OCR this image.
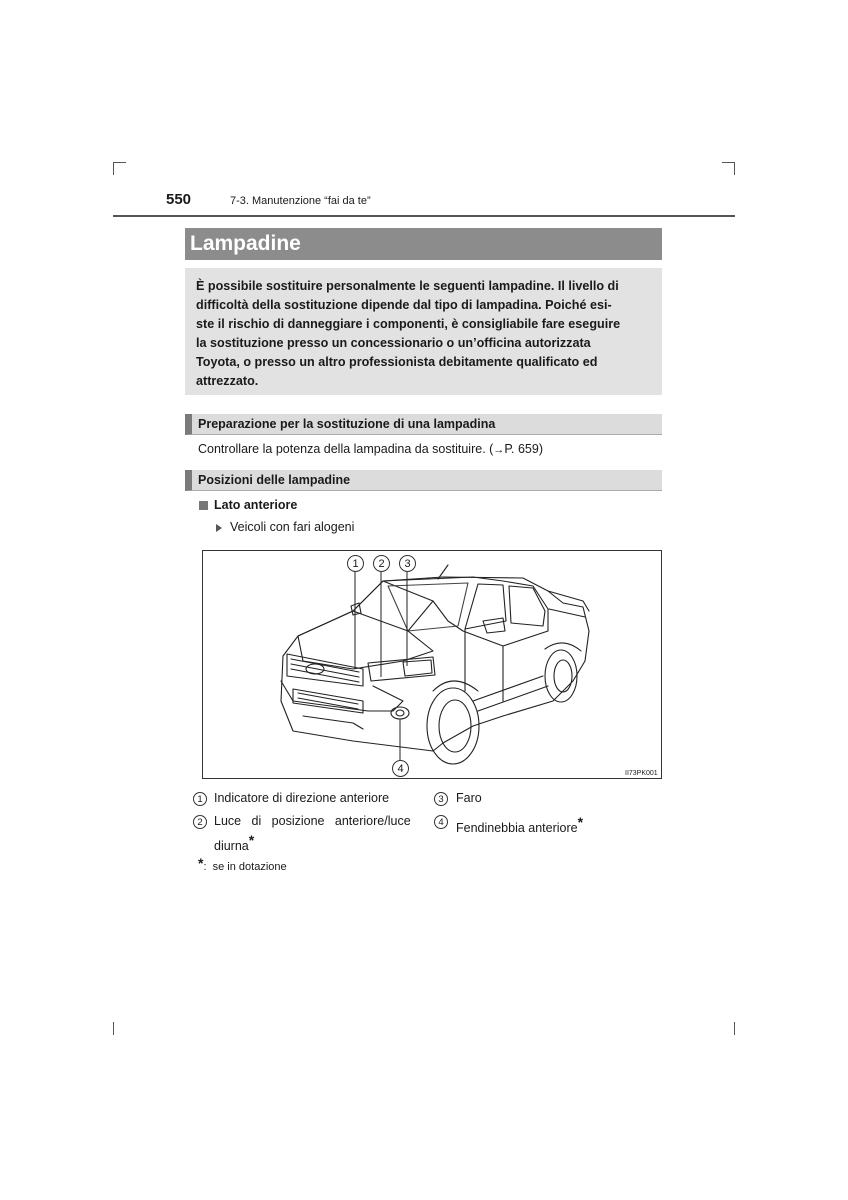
550	7-3. Manutenzione “fai da te”
Lampadine
È possibile sostituire personalmente le seguenti lampadine. Il livello di
difficoltà della sostituzione dipende dal tipo di lampadina. Poiché esi-
ste il rischio di danneggiare i componenti, è consigliabile fare eseguire
la sostituzione presso un concessionario o un’officina autorizzata
Toyota, o presso un altro professionista debitamente qualificato ed
attrezzato.
Preparazione per la sostituzione di una lampadina
Controllare la potenza della lampadina da sostituire. (→P. 659)
Posizioni delle lampadine
Lato anteriore
Veicoli con fari alogeni
1	2	3
4	II73PK001
1 Indicatore di direzione anteriore	3 Faro
2 Luce   di   posizione   anteriore/luce
diurna*
4 Fendinebbia anteriore*
*:  se in dotazione
